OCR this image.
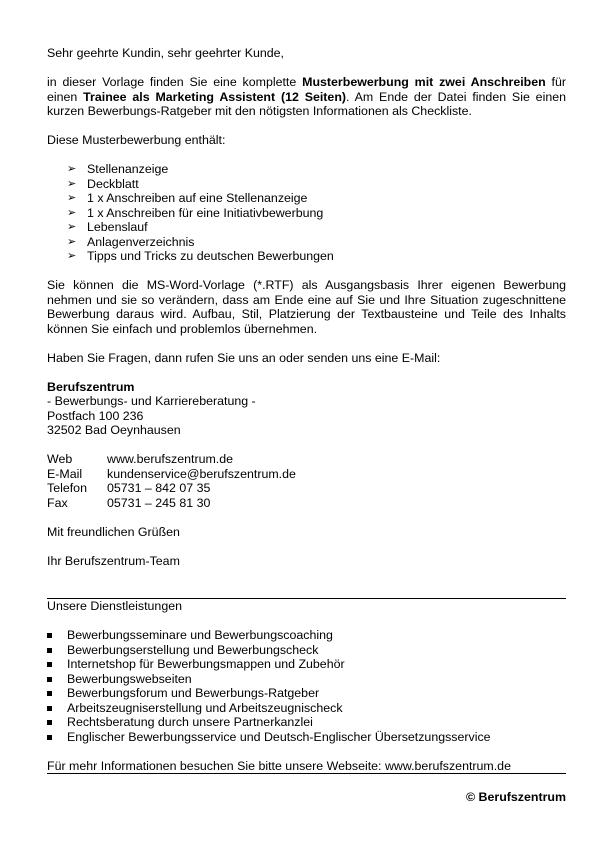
Sehr geehrte Kundin, sehr geehrter Kunde,

in dieser Vorlage finden Sie eine komplette Musterbewerbung mit zwei Anschreiben für einen Trainee als Marketing Assistent (12 Seiten). Am Ende der Datei finden Sie einen kurzen Bewerbungs-Ratgeber mit den nötigsten Informationen als Checkliste.

Diese Musterbewerbung enthält:

➢ Stellenanzeige
➢ Deckblatt
➢ 1 x Anschreiben auf eine Stellenanzeige
➢ 1 x Anschreiben für eine Initiativbewerbung
➢ Lebenslauf
➢ Anlagenverzeichnis
➢ Tipps und Tricks zu deutschen Bewerbungen

Sie können die MS-Word-Vorlage (*.RTF) als Ausgangsbasis Ihrer eigenen Bewerbung nehmen und sie so verändern, dass am Ende eine auf Sie und Ihre Situation zugeschnittene Bewerbung daraus wird. Aufbau, Stil, Platzierung der Textbausteine und Teile des Inhalts können Sie einfach und problemlos übernehmen.

Haben Sie Fragen, dann rufen Sie uns an oder senden uns eine E-Mail:

Berufszentrum

- Bewerbungs- und Karriereberatung -

Postfach 100 236

32502 Bad Oeynhausen

Web	www.berufszentrum.de
E-Mail	kundenservice@berufszentrum.de
Telefon	05731 – 842 07 35
Fax	05731 – 245 81 30

Mit freundlichen Grüßen

Ihr Berufszentrum-Team

Unsere Dienstleistungen

Bewerbungsseminare und Bewerbungscoaching
Bewerbungserstellung und Bewerbungscheck
Internetshop für Bewerbungsmappen und Zubehör
Bewerbungswebseiten
Bewerbungsforum und Bewerbungs-Ratgeber
Arbeitszeugniserstellung und Arbeitszeugnischeck
Rechtsberatung durch unsere Partnerkanzlei
Englischer Bewerbungsservice und Deutsch-Englischer Übersetzungsservice

Für mehr Informationen besuchen Sie bitte unsere Webseite: www.berufszentrum.de

© Berufszentrum
